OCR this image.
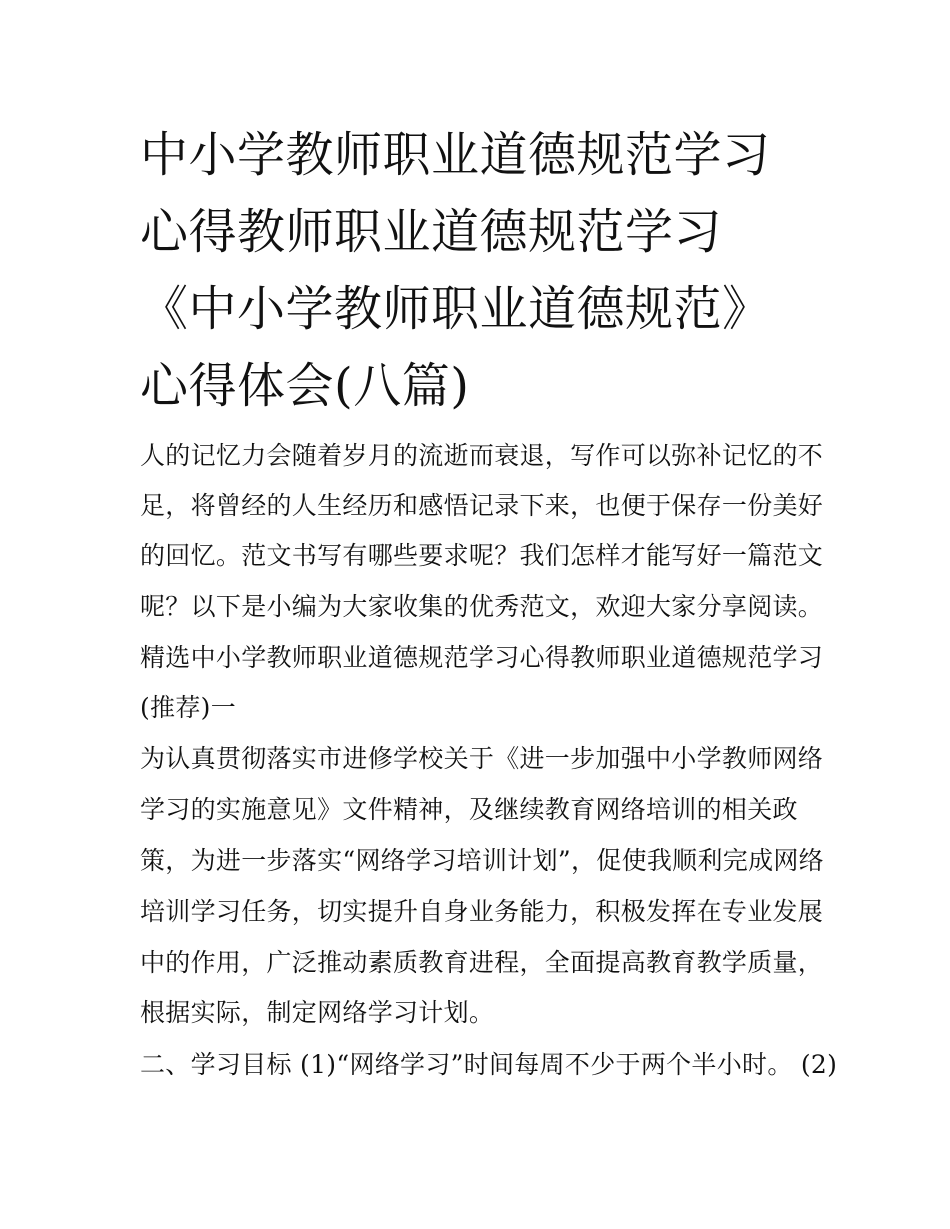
中小学教师职业道德规范学习
心得教师职业道德规范学习
《中小学教师职业道德规范》
心得体会(八篇)
人的记忆力会随着岁月的流逝而衰退，写作可以弥补记忆的不
足，将曾经的人生经历和感悟记录下来，也便于保存一份美好
的回忆。范文书写有哪些要求呢？我们怎样才能写好一篇范文
呢？以下是小编为大家收集的优秀范文，欢迎大家分享阅读。
精选中小学教师职业道德规范学习心得教师职业道德规范学习
(推荐)一
为认真贯彻落实市进修学校关于《进一步加强中小学教师网络
学习的实施意见》文件精神，及继续教育网络培训的相关政
策，为进一步落实“网络学习培训计划”，促使我顺利完成网络
培训学习任务，切实提升自身业务能力，积极发挥在专业发展
中的作用，广泛推动素质教育进程，全面提高教育教学质量，
根据实际，制定网络学习计划。
二、学习目标 (1)“网络学习”时间每周不少于两个半小时。 (2)
